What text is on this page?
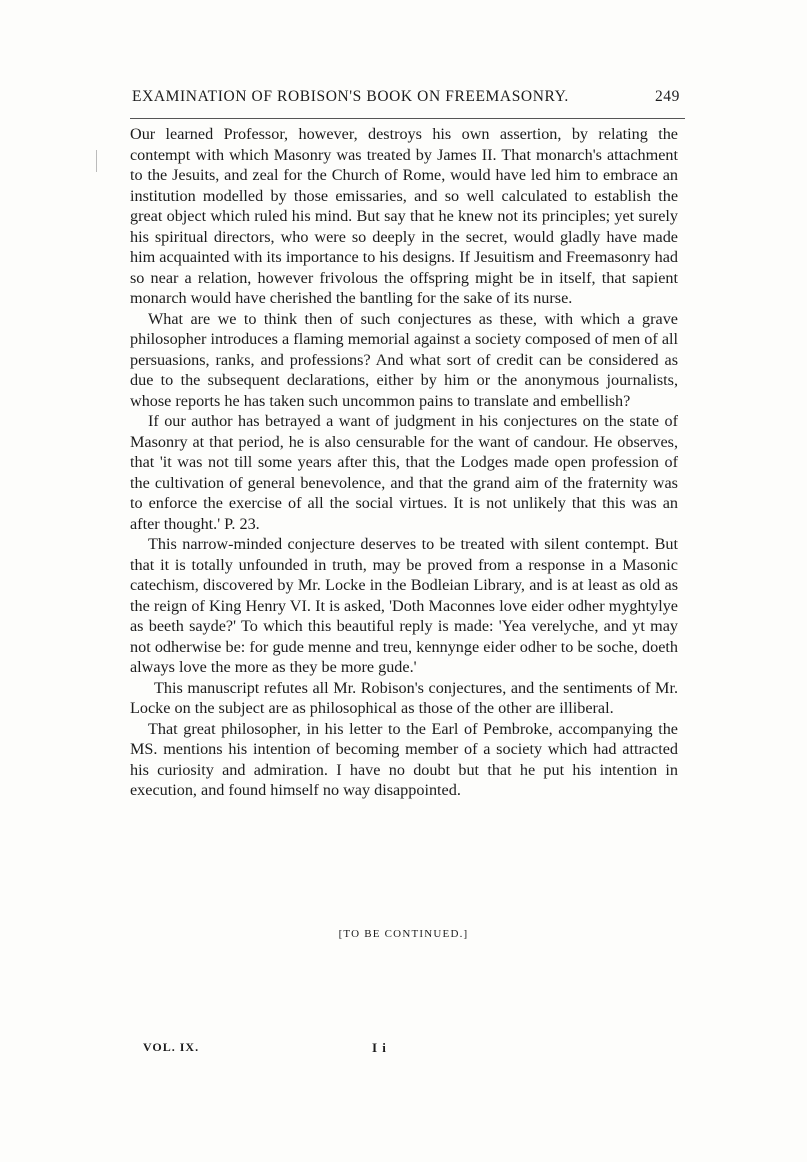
EXAMINATION OF ROBISON'S BOOK ON FREEMASONRY.	249

Our learned Professor, however, destroys his own assertion, by relating the contempt with which Masonry was treated by James II. That monarch's attachment to the Jesuits, and zeal for the Church of Rome, would have led him to embrace an institution modelled by those emissaries, and so well calculated to establish the great object which ruled his mind. But say that he knew not its principles; yet surely his spiritual directors, who were so deeply in the secret, would gladly have made him acquainted with its importance to his designs. If Jesuitism and Freemasonry had so near a relation, however frivolous the offspring might be in itself, that sapient monarch would have cherished the bantling for the sake of its nurse.

What are we to think then of such conjectures as these, with which a grave philosopher introduces a flaming memorial against a society composed of men of all persuasions, ranks, and professions? And what sort of credit can be considered as due to the subsequent declarations, either by him or the anonymous journalists, whose reports he has taken such uncommon pains to translate and embellish?

If our author has betrayed a want of judgment in his conjectures on the state of Masonry at that period, he is also censurable for the want of candour. He observes, that 'it was not till some years after this, that the Lodges made open profession of the cultivation of general benevolence, and that the grand aim of the fraternity was to enforce the exercise of all the social virtues. It is not unlikely that this was an after thought.' P. 23.

This narrow-minded conjecture deserves to be treated with silent contempt. But that it is totally unfounded in truth, may be proved from a response in a Masonic catechism, discovered by Mr. Locke in the Bodleian Library, and is at least as old as the reign of King Henry VI. It is asked, 'Doth Maconnes love eider odher myghtylye as beeth sayde?' To which this beautiful reply is made: 'Yea verelyche, and yt may not odherwise be: for gude menne and treu, kennynge eider odher to be soche, doeth always love the more as they be more gude.'

This manuscript refutes all Mr. Robison's conjectures, and the sentiments of Mr. Locke on the subject are as philosophical as those of the other are illiberal.

That great philosopher, in his letter to the Earl of Pembroke, accompanying the MS. mentions his intention of becoming member of a society which had attracted his curiosity and admiration. I have no doubt but that he put his intention in execution, and found himself no way disappointed.

[TO BE CONTINUED.]
VOL. IX.	I i
